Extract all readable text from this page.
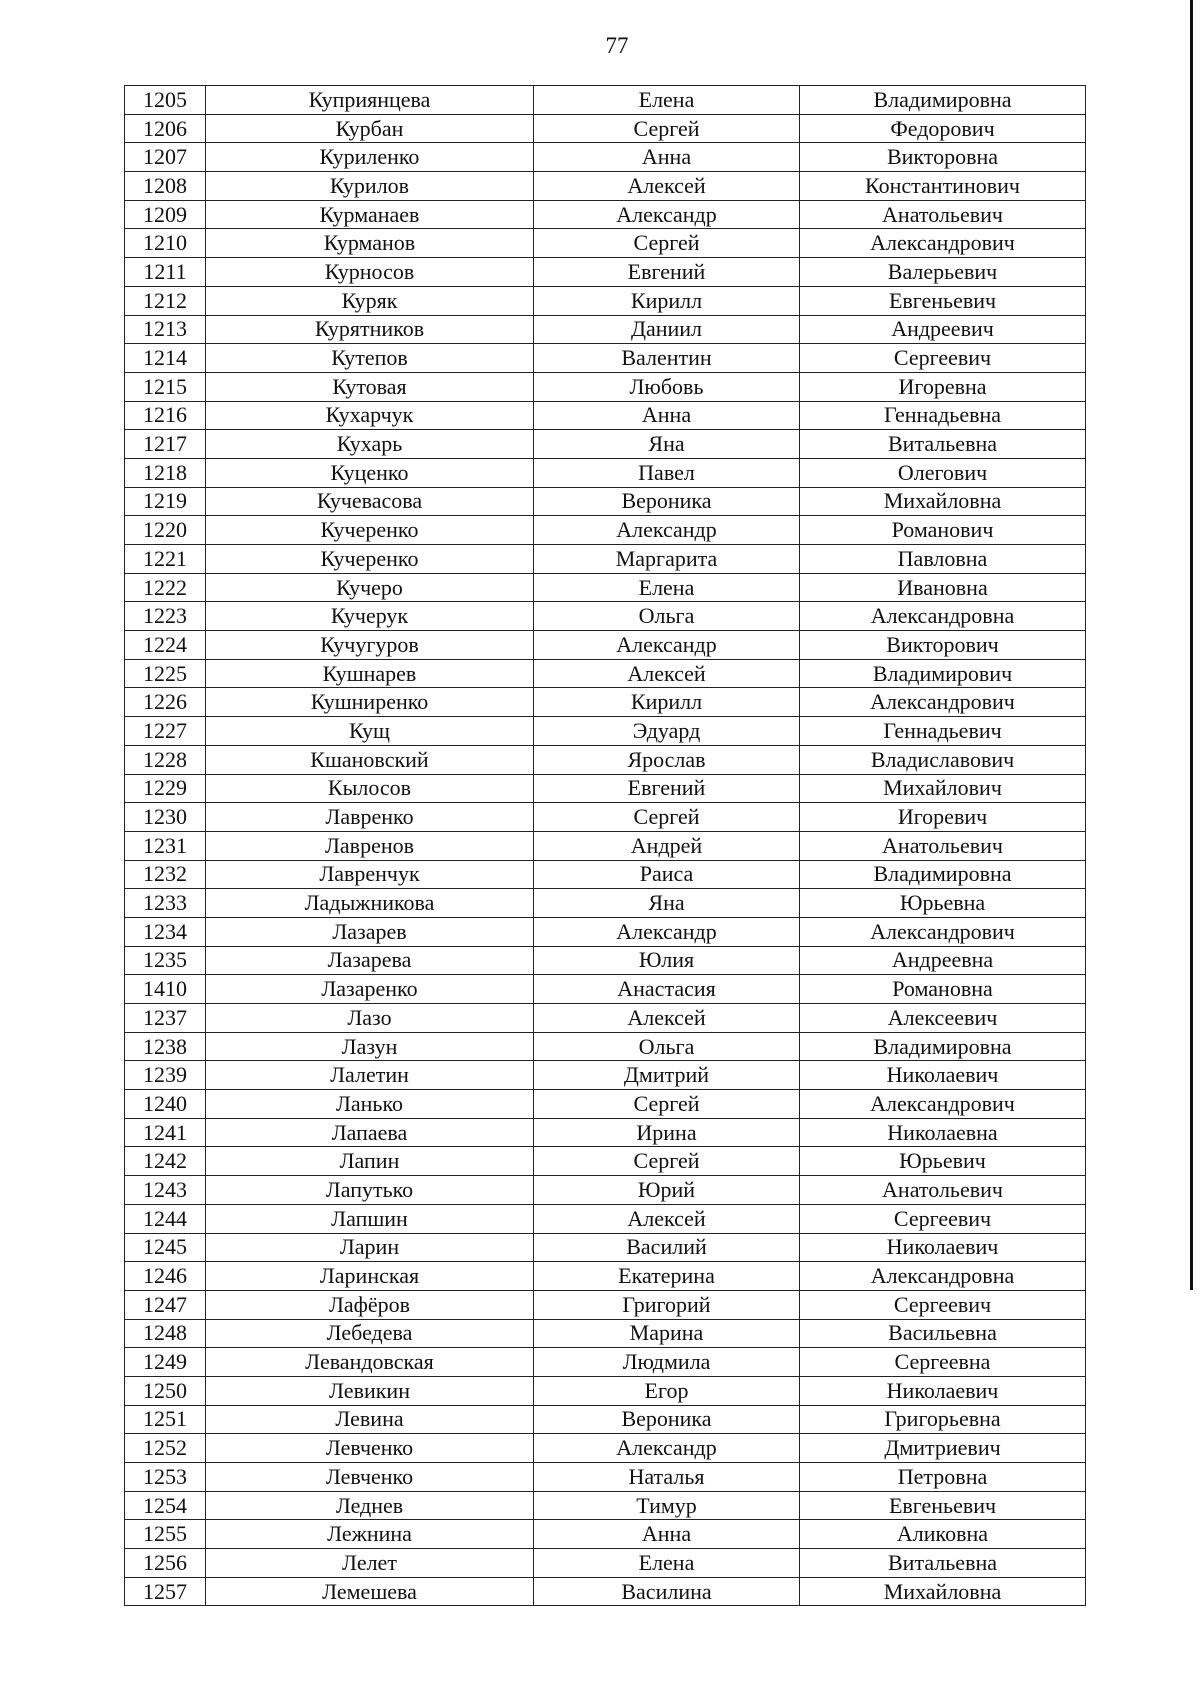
77
1205	Куприянцева	Елена	Владимировна
1206	Курбан	Сергей	Федорович
1207	Куриленко	Анна	Викторовна
1208	Курилов	Алексей	Константинович
1209	Курманаев	Александр	Анатольевич
1210	Курманов	Сергей	Александрович
1211	Курносов	Евгений	Валерьевич
1212	Куряк	Кирилл	Евгеньевич
1213	Курятников	Даниил	Андреевич
1214	Кутепов	Валентин	Сергеевич
1215	Кутовая	Любовь	Игоревна
1216	Кухарчук	Анна	Геннадьевна
1217	Кухарь	Яна	Витальевна
1218	Куценко	Павел	Олегович
1219	Кучевасова	Вероника	Михайловна
1220	Кучеренко	Александр	Романович
1221	Кучеренко	Маргарита	Павловна
1222	Кучеро	Елена	Ивановна
1223	Кучерук	Ольга	Александровна
1224	Кучугуров	Александр	Викторович
1225	Кушнарев	Алексей	Владимирович
1226	Кушниренко	Кирилл	Александрович
1227	Кущ	Эдуард	Геннадьевич
1228	Кшановский	Ярослав	Владиславович
1229	Кылосов	Евгений	Михайлович
1230	Лавренко	Сергей	Игоревич
1231	Лавренов	Андрей	Анатольевич
1232	Лавренчук	Раиса	Владимировна
1233	Ладыжникова	Яна	Юрьевна
1234	Лазарев	Александр	Александрович
1235	Лазарева	Юлия	Андреевна
1410	Лазаренко	Анастасия	Романовна
1237	Лазо	Алексей	Алексеевич
1238	Лазун	Ольга	Владимировна
1239	Лалетин	Дмитрий	Николаевич
1240	Ланько	Сергей	Александрович
1241	Лапаева	Ирина	Николаевна
1242	Лапин	Сергей	Юрьевич
1243	Лапутько	Юрий	Анатольевич
1244	Лапшин	Алексей	Сергеевич
1245	Ларин	Василий	Николаевич
1246	Ларинская	Екатерина	Александровна
1247	Лафёров	Григорий	Сергеевич
1248	Лебедева	Марина	Васильевна
1249	Левандовская	Людмила	Сергеевна
1250	Левикин	Егор	Николаевич
1251	Левина	Вероника	Григорьевна
1252	Левченко	Александр	Дмитриевич
1253	Левченко	Наталья	Петровна
1254	Леднев	Тимур	Евгеньевич
1255	Лежнина	Анна	Аликовна
1256	Лелет	Елена	Витальевна
1257	Лемешева	Василина	Михайловна
